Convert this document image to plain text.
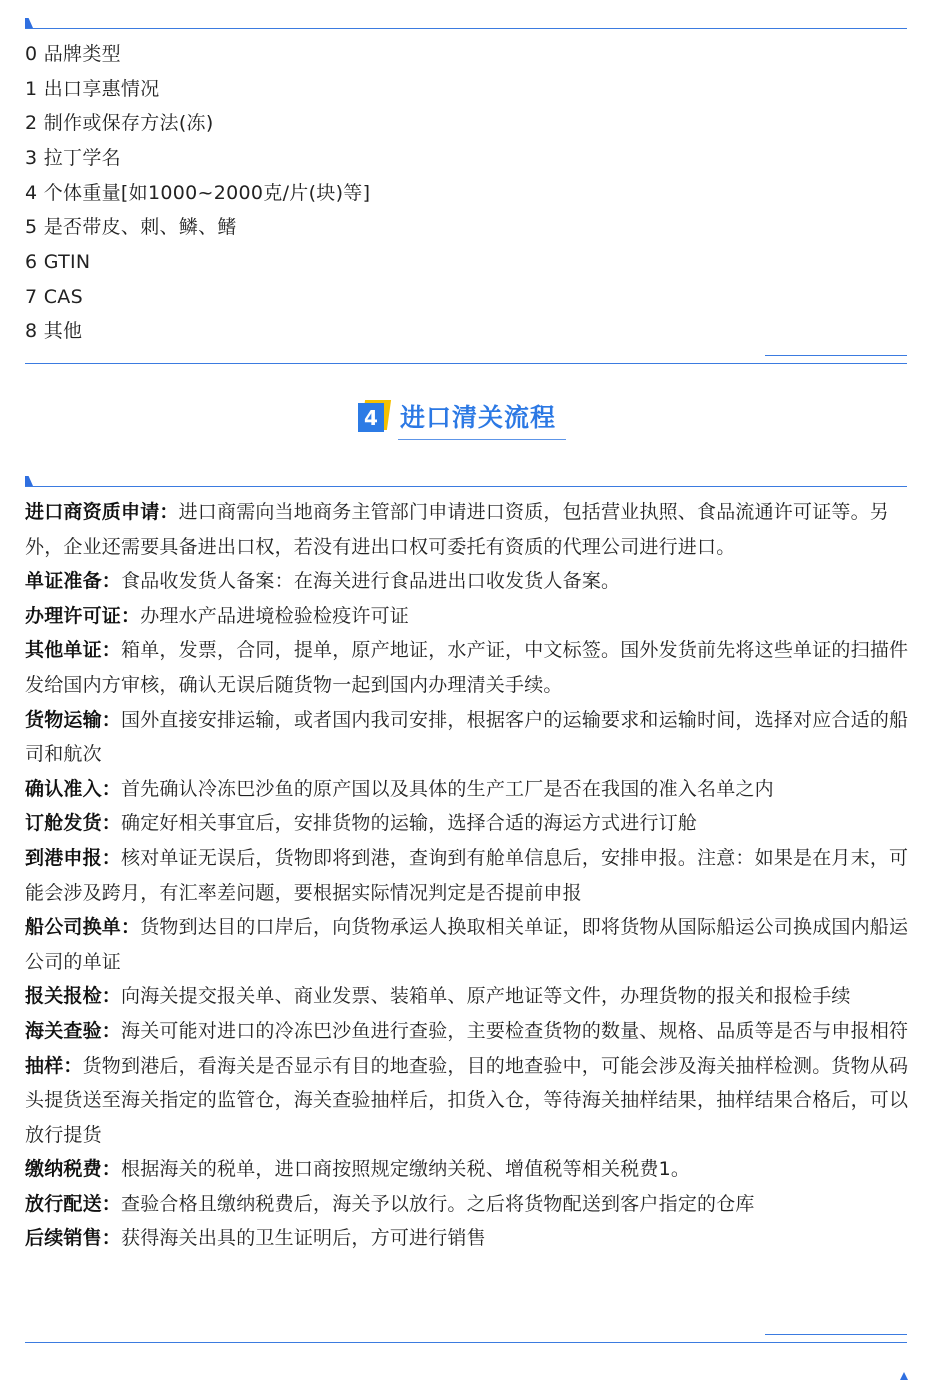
0 品牌类型
1 出口享惠情况
2 制作或保存方法(冻)
3 拉丁学名
4 个体重量[如1000~2000克/片(块)等]
5 是否带皮、刺、鳞、鳍
6 GTIN
7 CAS
8 其他
4 进口清关流程

进口商资质申请：进口商需向当地商务主管部门申请进口资质，包括营业执照、食品流通许可证等。另外，企业还需要具备进出口权，若没有进出口权可委托有资质的代理公司进行进口。

单证准备：食品收发货人备案：在海关进行食品进出口收发货人备案。

办理许可证：办理水产品进境检验检疫许可证

其他单证：箱单，发票，合同，提单，原产地证，水产证，中文标签。国外发货前先将这些单证的扫描件发给国内方审核，确认无误后随货物一起到国内办理清关手续。

货物运输：国外直接安排运输，或者国内我司安排，根据客户的运输要求和运输时间，选择对应合适的船司和航次

确认准入：首先确认冷冻巴沙鱼的原产国以及具体的生产工厂是否在我国的准入名单之内

订舱发货：确定好相关事宜后，安排货物的运输，选择合适的海运方式进行订舱

到港申报：核对单证无误后，货物即将到港，查询到有舱单信息后，安排申报。注意：如果是在月末，可能会涉及跨月，有汇率差问题，要根据实际情况判定是否提前申报

船公司换单：货物到达目的口岸后，向货物承运人换取相关单证，即将货物从国际船运公司换成国内船运公司的单证

报关报检：向海关提交报关单、商业发票、装箱单、原产地证等文件，办理货物的报关和报检手续

海关查验：海关可能对进口的冷冻巴沙鱼进行查验，主要检查货物的数量、规格、品质等是否与申报相符

抽样：货物到港后，看海关是否显示有目的地查验，目的地查验中，可能会涉及海关抽样检测。货物从码头提货送至海关指定的监管仓，海关查验抽样后，扣货入仓，等待海关抽样结果，抽样结果合格后，可以放行提货

缴纳税费：根据海关的税单，进口商按照规定缴纳关税、增值税等相关税费1。

放行配送：查验合格且缴纳税费后，海关予以放行。之后将货物配送到客户指定的仓库

后续销售：获得海关出具的卫生证明后，方可进行销售
